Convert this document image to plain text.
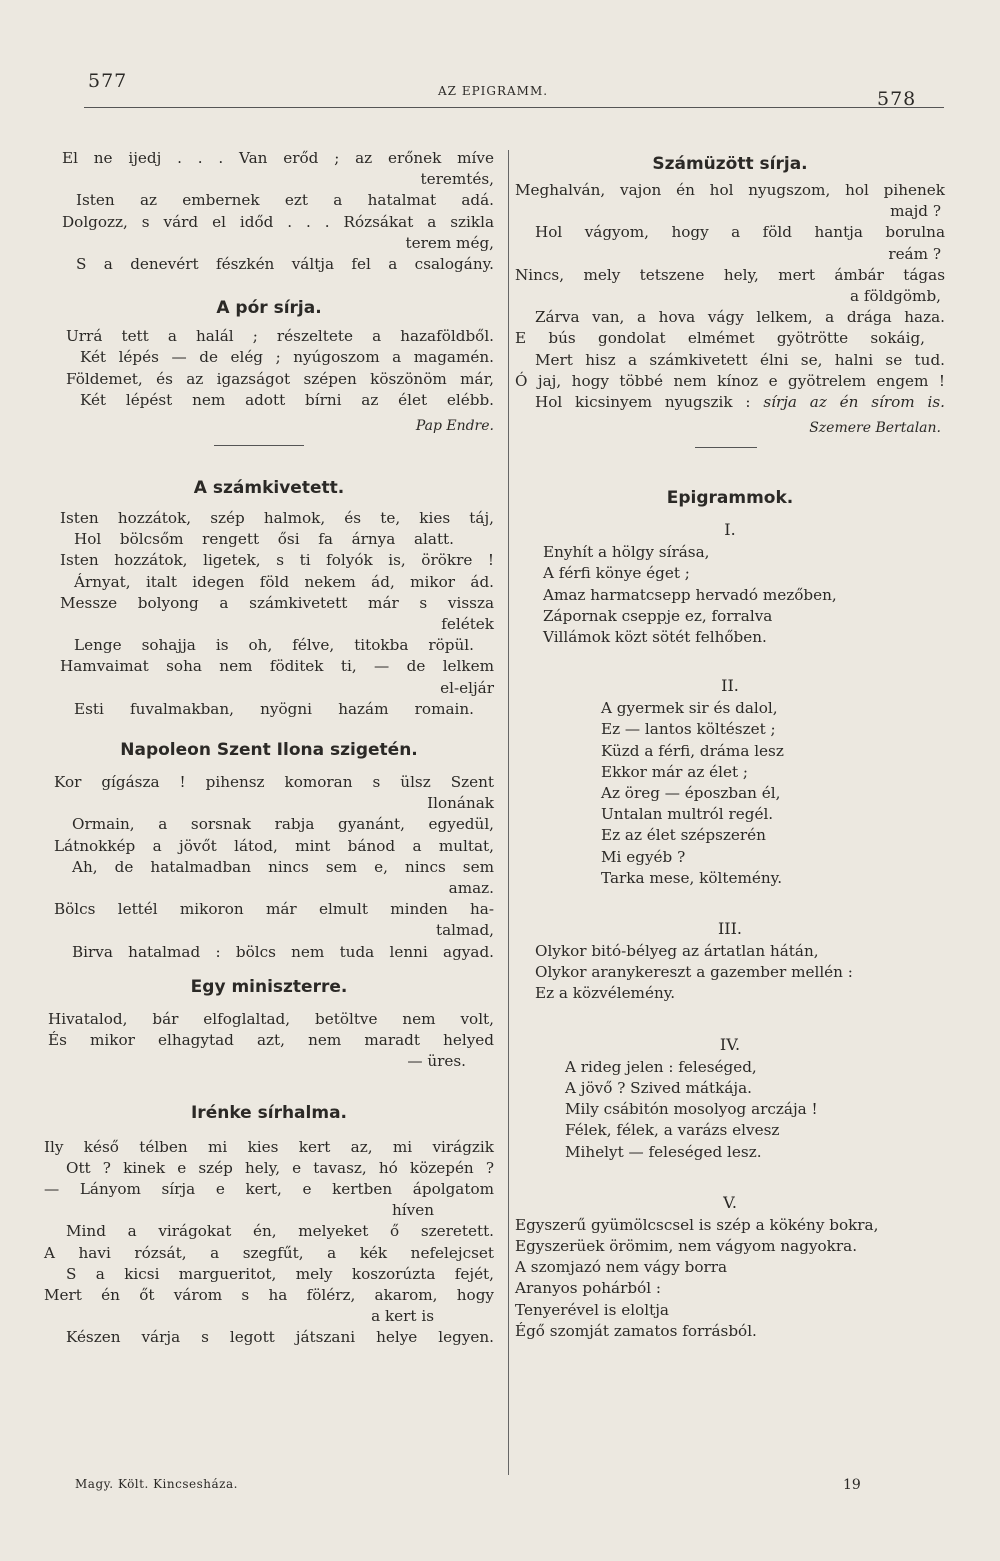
577	AZ EPIGRAMM.	578
El ne ijedj . . . Van erőd ; az erőnek míve
teremtés,
Isten az embernek ezt a hatalmat adá.
Dolgozz, s várd el időd . . . Rózsákat a szikla
terem még,
S a denevért fészkén váltja fel a csalogány.
A pór sírja.
Urrá tett a halál ; részeltete a hazaföldből.
Két lépés — de elég ; nyúgoszom a magamén.
Földemet, és az igazságot szépen köszönöm már,
Két lépést nem adott bírni az élet elébb.
Pap Endre.
A számkivetett.
Isten hozzátok, szép halmok, és te, kies táj,
Hol bölcsőm rengett ősi fa árnya alatt.
Isten hozzátok, ligetek, s ti folyók is, örökre !
Árnyat, italt idegen föld nekem ád, mikor ád.
Messze bolyong a számkivetett már s vissza
felétek
Lenge sohajja is oh, félve, titokba röpül.
Hamvaimat soha nem föditek ti, — de lelkem
el-eljár
Esti fuvalmakban, nyögni hazám romain.
Napoleon Szent Ilona szigetén.
Kor gígásza ! pihensz komoran s ülsz Szent
Ilonának
Ormain, a sorsnak rabja gyanánt, egyedül,
Látnokkép a jövőt látod, mint bánod a multat,
Ah, de hatalmadban nincs sem e, nincs sem
amaz.
Bölcs lettél mikoron már elmult minden ha-
talmad,
Birva hatalmad : bölcs nem tuda lenni agyad.
Egy miniszterre.
Hivatalod, bár elfoglaltad, betöltve nem volt,
És mikor elhagytad azt, nem maradt helyed
— üres.
Irénke sírhalma.
Ily késő télben mi kies kert az, mi virágzik
Ott ? kinek e szép hely, e tavasz, hó közepén ?
— Lányom sírja e kert, e kertben ápolgatom
híven
Mind a virágokat én, melyeket ő szeretett.
A havi rózsát, a szegfűt, a kék nefelejcset
S a kicsi margueritot, mely koszorúzta fejét,
Mert én őt várom s ha fölérz, akarom, hogy
a kert is
Készen várja s legott játszani helye legyen.
Számüzött sírja.
Meghalván, vajon én hol nyugszom, hol pihenek
majd ?
Hol vágyom, hogy a föld hantja borulna
reám ?
Nincs, mely tetszene hely, mert ámbár tágas
a földgömb,
Zárva van, a hova vágy lelkem, a drága haza.
E bús gondolat elmémet gyötrötte sokáig,
Mert hisz a számkivetett élni se, halni se tud.
Ó jaj, hogy többé nem kínoz e gyötrelem engem !
Hol kicsinyem nyugszik : sírja az én sírom is.
Szemere Bertalan.
Epigrammok.
I.
Enyhít a hölgy sírása,
A férfi könye éget ;
Amaz harmatcsepp hervadó mezőben,
Zápornak cseppje ez, forralva
Villámok közt sötét felhőben.
II.
A gyermek sir és dalol,
Ez — lantos költészet ;
Küzd a férfi, dráma lesz
Ekkor már az élet ;
Az öreg — époszban él,
Untalan multról regél.
Ez az élet szépszerén
Mi egyéb ?
Tarka mese, költemény.
III.
Olykor bitó-bélyeg az ártatlan hátán,
Olykor aranykereszt a gazember mellén :
Ez a közvélemény.
IV.
A rideg jelen : feleséged,
A jövő ? Szived mátkája.
Mily csábitón mosolyog arczája !
Félek, félek, a varázs elvesz
Mihelyt — feleséged lesz.
V.
Egyszerű gyümölcscsel is szép a kökény bokra,
Egyszerüek örömim, nem vágyom nagyokra.
A szomjazó nem vágy borra
Aranyos pohárból :
Tenyerével is eloltja
Égő szomját zamatos forrásból.
Magy. Költ. Kincsesháza.	19
